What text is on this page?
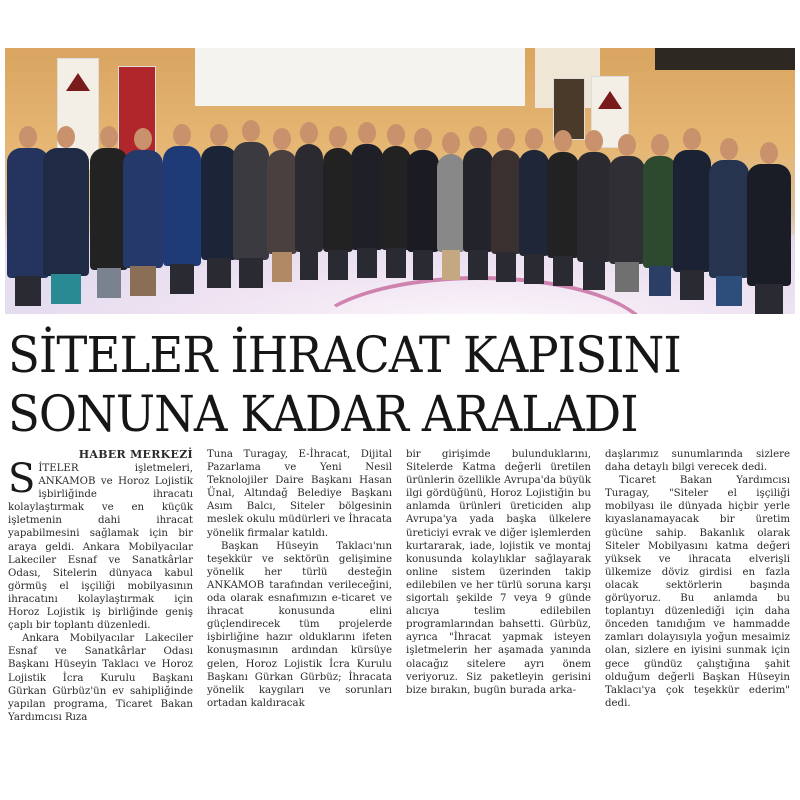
SİTELER İHRACAT KAPISINI
SONUNA KADAR ARALADI
HABER MERKEZİ

SİTELER işletmeleri, ANKAMOB ve Horoz Lojistik işbirliğinde ihracatı kolaylaştırmak ve en küçük işletmenin dahi ihracat yapabilmesini sağlamak için bir araya geldi. Ankara Mobilyacılar Lakeciler Esnaf ve Sanatkârlar Odası, Sitelerin dünyaca kabul görmüş el işçiliği mobilyasının ihracatını kolaylaştırmak için Horoz Lojistik iş birliğinde geniş çaplı bir toplantı düzenledi.

Ankara Mobilyacılar Lakeciler Esnaf ve Sanatkârlar Odası Başkanı Hüseyin Taklacı ve Horoz Lojistik İcra Kurulu Başkanı Gürkan Gürbüz'ün ev sahipliğinde yapılan programa, Ticaret Bakan Yardımcısı Rıza

Tuna Turagay, E-İhracat, Dijital Pazarlama ve Yeni Nesil Teknolojiler Daire Başkanı Hasan Ünal, Altındağ Belediye Başkanı Asım Balcı, Siteler bölgesinin meslek okulu müdürleri ve İhracata yönelik firmalar katıldı.

Başkan Hüseyin Taklacı'nın teşekkür ve sektörün gelişimine yönelik her türlü desteğin ANKAMOB tarafından verileceğini, oda olarak esnafımızın e-ticaret ve ihracat konusunda elini güçlendirecek tüm projelerde işbirliğine hazır olduklarını ifeten konuşmasının ardından kürsüye gelen, Horoz Lojistik İcra Kurulu Başkanı Gürkan Gürbüz; İhracata yönelik kaygıları ve sorunları ortadan kaldıracak

bir girişimde bulunduklarını, Sitelerde Katma değerli üretilen ürünlerin özellikle Avrupa'da büyük ilgi gördüğünü, Horoz Lojistiğin bu anlamda ürünleri üreticiden alıp Avrupa'ya yada başka ülkelere üreticiyi evrak ve diğer işlemlerden kurtararak, iade, lojistik ve montaj konusunda kolaylıklar sağlayarak online sistem üzerinden takip edilebilen ve her türlü soruna karşı sigortalı şekilde 7 veya 9 günde alıcıya teslim edilebilen programlarından bahsetti. Gürbüz, ayrıca "İhracat yapmak isteyen işletmelerin her aşamada yanında olacağız sitelere ayrı önem veriyoruz. Siz paketleyin gerisini bize bırakın, bugün burada arka-

daşlarımız sunumlarında sizlere daha detaylı bilgi verecek dedi.

Ticaret Bakan Yardımcısı Turagay, "Siteler el işçiliği mobilyası ile dünyada hiçbir yerle kıyaslanamayacak bir üretim gücüne sahip. Bakanlık olarak Siteler Mobilyasını katma değeri yüksek ve ihracata elverişli ülkemize döviz girdisi en fazla olacak sektörlerin başında görüyoruz. Bu anlamda bu toplantıyı düzenlediği için daha önceden tanıdığım ve hammadde zamları dolayısıyla yoğun mesaimiz olan, sizlere en iyisini sunmak için gece gündüz çalıştığına şahit olduğum değerli Başkan Hüseyin Taklacı'ya çok teşekkür ederim" dedi.
